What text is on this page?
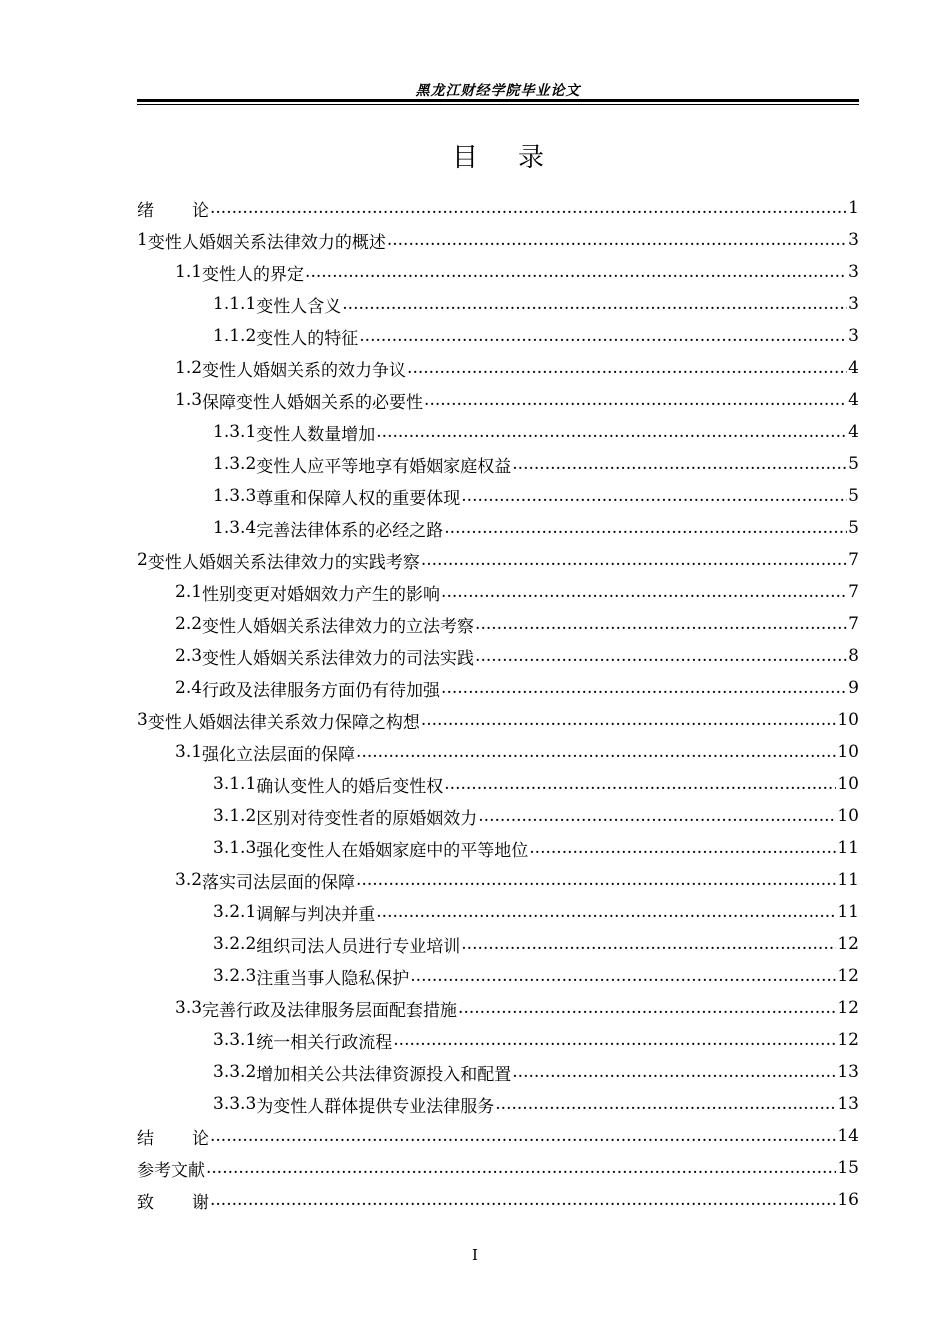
黑龙江财经学院毕业论文
目录
绪论 .....	1
1 变性人婚姻关系法律效力的概述 .....	3
1.1 变性人的界定 .....	3
1.1.1 变性人含义 .....	3
1.1.2 变性人的特征 .....	3
1.2 变性人婚姻关系的效力争议 .....	4
1.3 保障变性人婚姻关系的必要性 .....	4
1.3.1 变性人数量增加 .....	4
1.3.2 变性人应平等地享有婚姻家庭权益 .....	5
1.3.3 尊重和保障人权的重要体现 .....	5
1.3.4 完善法律体系的必经之路 .....	5
2 变性人婚姻关系法律效力的实践考察 .....	7
2.1 性别变更对婚姻效力产生的影响 .....	7
2.2 变性人婚姻关系法律效力的立法考察 .....	7
2.3 变性人婚姻关系法律效力的司法实践 .....	8
2.4 行政及法律服务方面仍有待加强 .....	9
3 变性人婚姻法律关系效力保障之构想 .....	10
3.1 强化立法层面的保障 .....	10
3.1.1 确认变性人的婚后变性权 .....	10
3.1.2 区别对待变性者的原婚姻效力 .....	10
3.1.3 强化变性人在婚姻家庭中的平等地位 .....	11
3.2 落实司法层面的保障 .....	11
3.2.1 调解与判决并重 .....	11
3.2.2 组织司法人员进行专业培训 .....	12
3.2.3 注重当事人隐私保护 .....	12
3.3 完善行政及法律服务层面配套措施 .....	12
3.3.1 统一相关行政流程 .....	12
3.3.2 增加相关公共法律资源投入和配置 .....	13
3.3.3 为变性人群体提供专业法律服务 .....	13
结论 .....	14
参考文献 .....	15
致谢 .....	16
I
